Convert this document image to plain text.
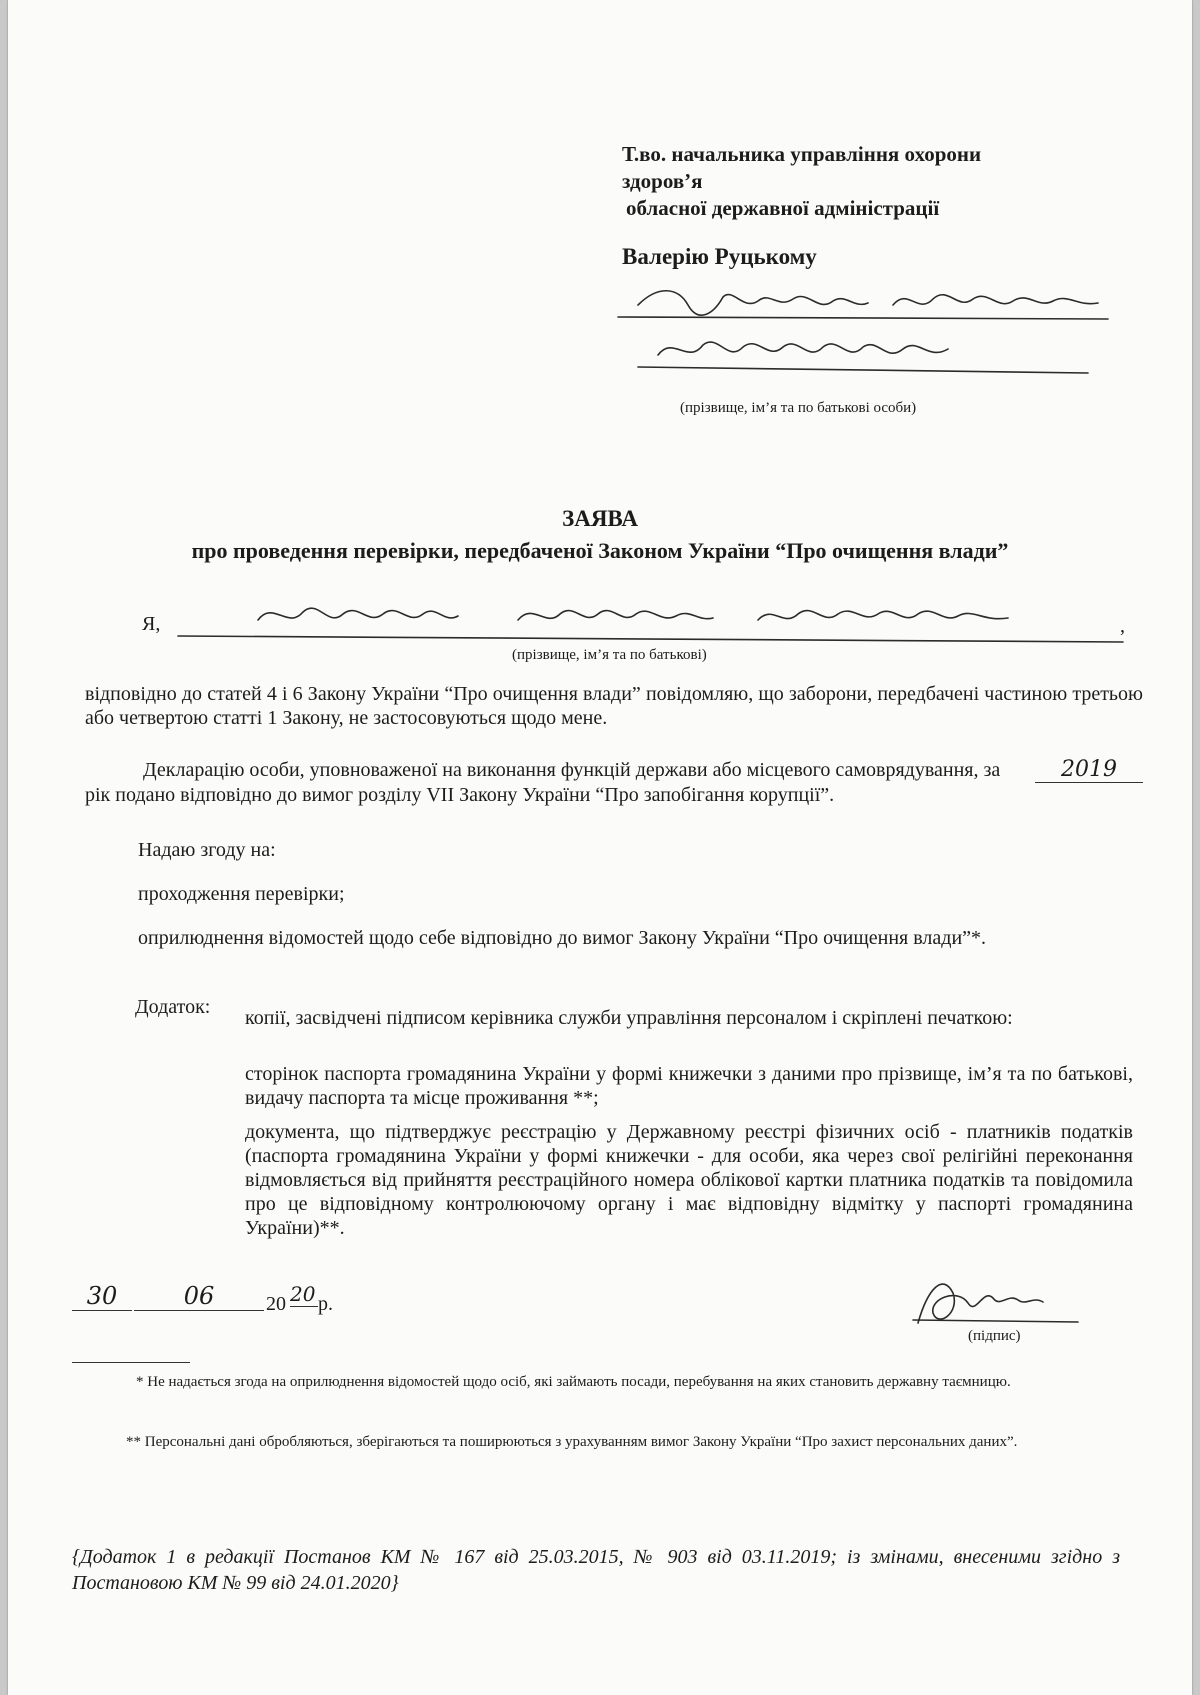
Т.во. начальника управління охорони
здоров’я
обласної державної адміністрації
Валерію Руцькому
(прізвище, ім’я та по батькові особи)
ЗАЯВА
про проведення перевірки, передбаченої Законом України “Про очищення влади”
Я,	,
(прізвище, ім’я та по батькові)
відповідно до статей 4 і 6 Закону України “Про очищення влади” повідомляю, що заборони, передбачені частиною третьою або четвертою статті 1 Закону, не застосовуються щодо мене.
Декларацію особи, уповноваженої на виконання функцій держави або місцевого самоврядування, за	2019 рік подано відповідно до вимог розділу VII Закону України “Про запобігання корупції”.
Надаю згоду на:
проходження перевірки;
оприлюднення відомостей щодо себе відповідно до вимог Закону України “Про очищення влади”*.
Додаток: копії, засвідчені підписом керівника служби управління персоналом і скріплені печаткою:
сторінок паспорта громадянина України у формі книжечки з даними про прізвище, ім’я та по батькові, видачу паспорта та місце проживання **;
документа, що підтверджує реєстрацію у Державному реєстрі фізичних осіб - платників податків (паспорта громадянина України у формі книжечки - для особи, яка через свої релігійні переконання відмовляється від прийняття реєстраційного номера облікової картки платника податків та повідомила про це відповідному контролюючому органу і має відповідну відмітку у паспорті громадянина України)**.
30	06	20 20 р.
(підпис)
* Не надається згода на оприлюднення відомостей щодо осіб, які займають посади, перебування на яких становить державну таємницю.
** Персональні дані обробляються, зберігаються та поширюються з урахуванням вимог Закону України “Про захист персональних даних”.
{Додаток 1 в редакції Постанов КМ № 167 від 25.03.2015, № 903 від 03.11.2019; із змінами, внесеними згідно з Постановою КМ № 99 від 24.01.2020}
